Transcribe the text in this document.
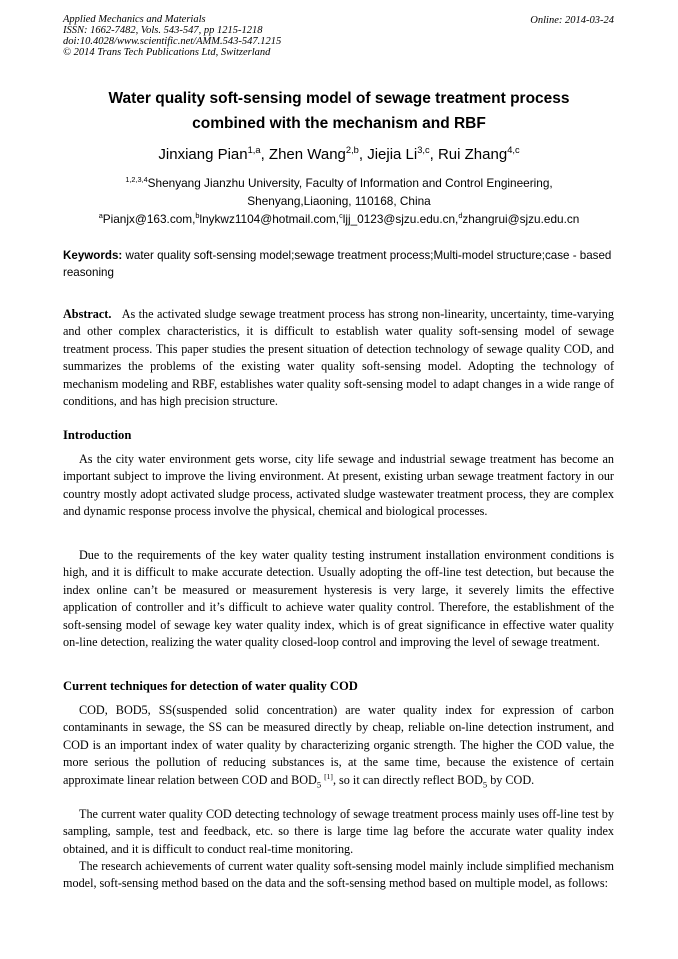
Applied Mechanics and Materials
ISSN: 1662-7482, Vols. 543-547, pp 1215-1218
doi:10.4028/www.scientific.net/AMM.543-547.1215
© 2014 Trans Tech Publications Ltd, Switzerland
Online: 2014-03-24
Water quality soft-sensing model of sewage treatment process
combined with the mechanism and RBF
Jinxiang Pian$^{1,a}$, Zhen Wang$^{2,b}$, Jiejia Li$^{3,c}$, Rui Zhang$^{4,c}$
$^{1,2,3,4}$Shenyang Jianzhu University, Faculty of Information and Control Engineering,
Shenyang,Liaoning, 110168, China
$^a$Pianjx@163.com,$^b$lnykwz1104@hotmail.com,$^c$ljj_0123@sjzu.edu.cn,$^d$zhangrui@sjzu.edu.cn
Keywords: water quality soft-sensing model;sewage treatment process;Multi-model structure;case - based reasoning

Abstract. As the activated sludge sewage treatment process has strong non-linearity, uncertainty, time-varying and other complex characteristics, it is difficult to establish water quality soft-sensing model of sewage treatment process. This paper studies the present situation of detection technology of sewage quality COD, and summarizes the problems of the existing water quality soft-sensing model. Adopting the technology of mechanism modeling and RBF, establishes water quality soft-sensing model to adapt changes in a wide range of conditions, and has high precision structure.

Introduction

As the city water environment gets worse, city life sewage and industrial sewage treatment has become an important subject to improve the living environment. At present, existing urban sewage treatment factory in our country mostly adopt activated sludge process, activated sludge wastewater treatment process, they are complex and dynamic response process involve the physical, chemical and biological processes.

Due to the requirements of the key water quality testing instrument installation environment conditions is high, and it is difficult to make accurate detection. Usually adopting the off-line test detection, but because the index online can’t be measured or measurement hysteresis is very large, it severely limits the effective application of controller and it’s difficult to achieve water quality control. Therefore, the establishment of the soft-sensing model of sewage key water quality index, which is of great significance in effective water quality on-line detection, realizing the water quality closed-loop control and improving the level of sewage treatment.

Current techniques for detection of water quality COD

COD, BOD5, SS(suspended solid concentration) are water quality index for expression of carbon contaminants in sewage, the SS can be measured directly by cheap, reliable on-line detection instrument, and COD is an important index of water quality by characterizing organic strength. The higher the COD value, the more serious the pollution of reducing substances is, at the same time, because the existence of certain approximate linear relation between COD and $BOD_5$ [1], so it can directly reflect $BOD_5$ by COD.

The current water quality COD detecting technology of sewage treatment process mainly uses off-line test by sampling, sample, test and feedback, etc. so there is large time lag before the accurate water quality index obtained, and it is difficult to conduct real-time monitoring.

The research achievements of current water quality soft-sensing model mainly include simplified mechanism model, soft-sensing method based on the data and the soft-sensing method based on multiple model, as follows:
